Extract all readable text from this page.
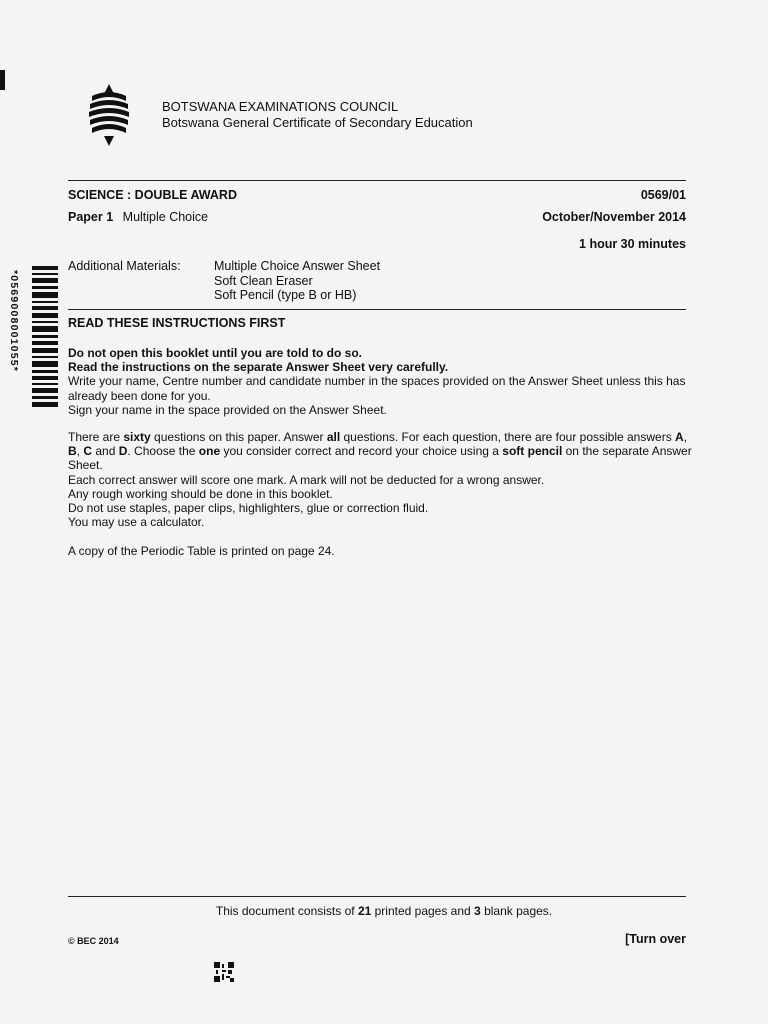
BOTSWANA EXAMINATIONS COUNCIL
Botswana General Certificate of Secondary Education
SCIENCE : DOUBLE AWARD	0569/01
Paper 1 Multiple Choice	October/November 2014
1 hour 30 minutes
Additional Materials:	Multiple Choice Answer Sheet
Soft Clean Eraser
Soft Pencil (type B or HB)
READ THESE INSTRUCTIONS FIRST

Do not open this booklet until you are told to do so.

Read the instructions on the separate Answer Sheet very carefully.

Write your name, Centre number and candidate number in the spaces provided on the Answer Sheet unless this has already been done for you.

Sign your name in the space provided on the Answer Sheet.

There are sixty questions on this paper. Answer all questions. For each question, there are four possible answers A, B, C and D. Choose the one you consider correct and record your choice using a soft pencil on the separate Answer Sheet.

Each correct answer will score one mark. A mark will not be deducted for a wrong answer.

Any rough working should be done in this booklet.

Do not use staples, paper clips, highlighters, glue or correction fluid.

You may use a calculator.

A copy of the Periodic Table is printed on page 24.
*0569008001055*
This document consists of 21 printed pages and 3 blank pages.
© BEC 2014	[Turn over
